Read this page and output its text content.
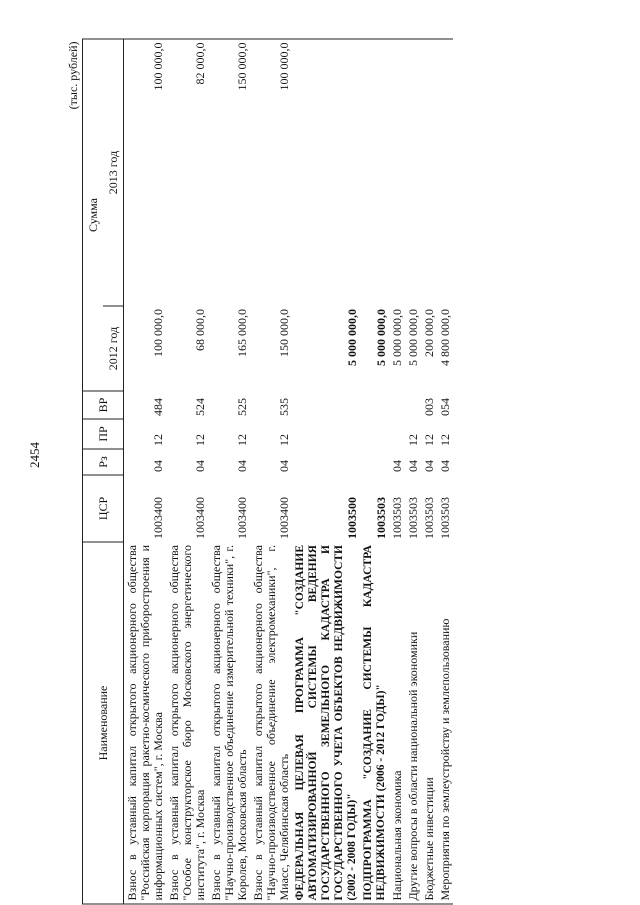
2454
(тыс. рублей)
Наименование	ЦСР	Рз	ПР	ВР	Сумма	
					2012 год	2013 год
Взнос в уставный капитал открытого акционерного общества "Российская корпорация ракетно-космического приборостроения и информационных систем", г. Москва	1003400	04	12	484	100 000,0	100 000,0
Взнос в уставный капитал открытого акционерного общества "Особое конструкторское бюро Московского энергетического института", г. Москва	1003400	04	12	524	68 000,0	82 000,0
Взнос в уставный капитал открытого акционерного общества "Научно-производственное объединение измерительной техники", г. Королев, Московская область	1003400	04	12	525	165 000,0	150 000,0
Взнос в уставный капитал открытого акционерного общества "Научно-производственное объединение электромеханики", г. Миасс, Челябинская область	1003400	04	12	535	150 000,0	100 000,0
ФЕДЕРАЛЬНАЯ ЦЕЛЕВАЯ ПРОГРАММА "СОЗДАНИЕ АВТОМАТИЗИРОВАННОЙ СИСТЕМЫ ВЕДЕНИЯ ГОСУДАРСТВЕННОГО ЗЕМЕЛЬНОГО КАДАСТРА И ГОСУДАРСТВЕННОГО УЧЕТА ОБЪЕКТОВ НЕДВИЖИМОСТИ (2002 - 2008 ГОДЫ)"	1003500				5 000 000,0	
ПОДПРОГРАММА "СОЗДАНИЕ СИСТЕМЫ КАДАСТРА НЕДВИЖИМОСТИ (2006 - 2012 ГОДЫ)"	1003503				5 000 000,0	
Национальная экономика	1003503	04			5 000 000,0	
Другие вопросы в области национальной экономики	1003503	04	12		5 000 000,0	
Бюджетные инвестиции	1003503	04	12	003	200 000,0	
Мероприятия по землеустройству и землепользованию	1003503	04	12	054	4 800 000,0	
